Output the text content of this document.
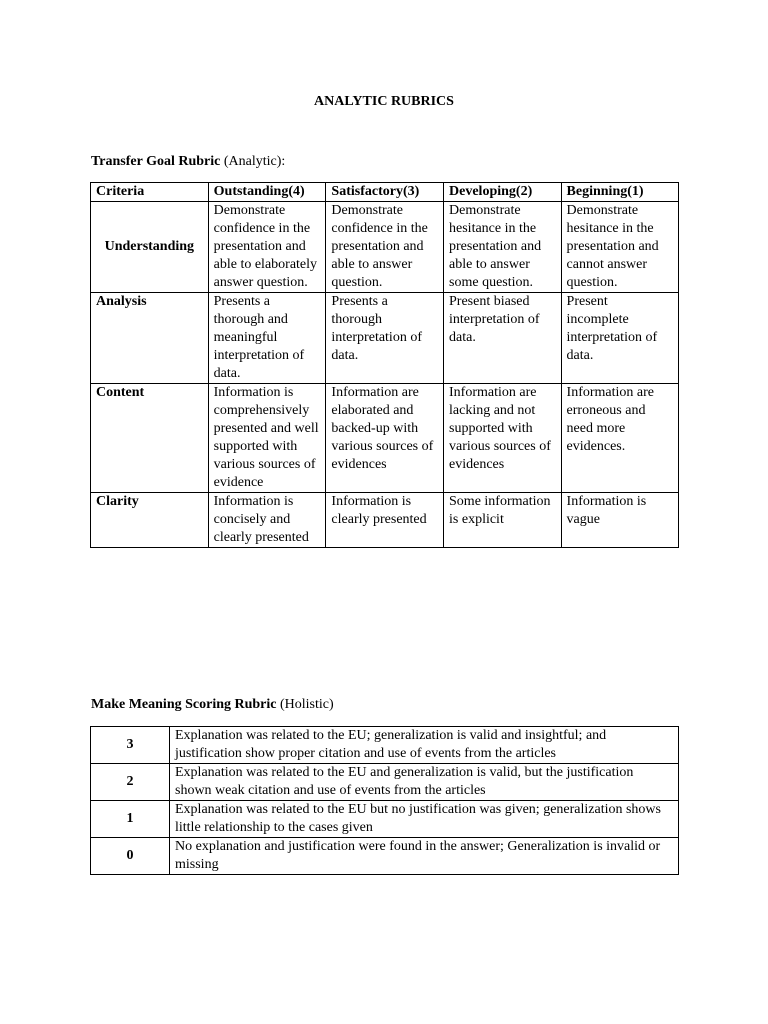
ANALYTIC RUBRICS
Transfer Goal Rubric (Analytic):
Criteria	Outstanding(4)	Satisfactory(3)	Developing(2)	Beginning(1)
Understanding	Demonstrate confidence in the presentation and able to elaborately answer question.	Demonstrate confidence in the presentation and able to answer question.	Demonstrate hesitance in the presentation and able to answer some question.	Demonstrate hesitance in the presentation and cannot answer question.
Analysis	Presents a thorough and meaningful interpretation of data.	Presents a thorough interpretation of data.	Present biased interpretation of data.	Present incomplete interpretation of data.
Content	Information is comprehensively presented and well supported with various sources of evidence	Information are elaborated and backed-up with various sources of evidences	Information are lacking and not supported with various sources of evidences	Information are erroneous and need more evidences.
Clarity	Information is concisely and clearly presented	Information is clearly presented	Some information is explicit	Information is vague
Make Meaning Scoring Rubric (Holistic)
3	Explanation was related to the EU; generalization is valid and insightful; and justification show proper citation and use of events from the articles
2	Explanation was related to the EU and generalization is valid, but the justification shown weak citation and use of events from the articles
1	Explanation was related to the EU but no justification was given; generalization shows little relationship to the cases given
0	No explanation and justification were found in the answer; Generalization is invalid or missing
